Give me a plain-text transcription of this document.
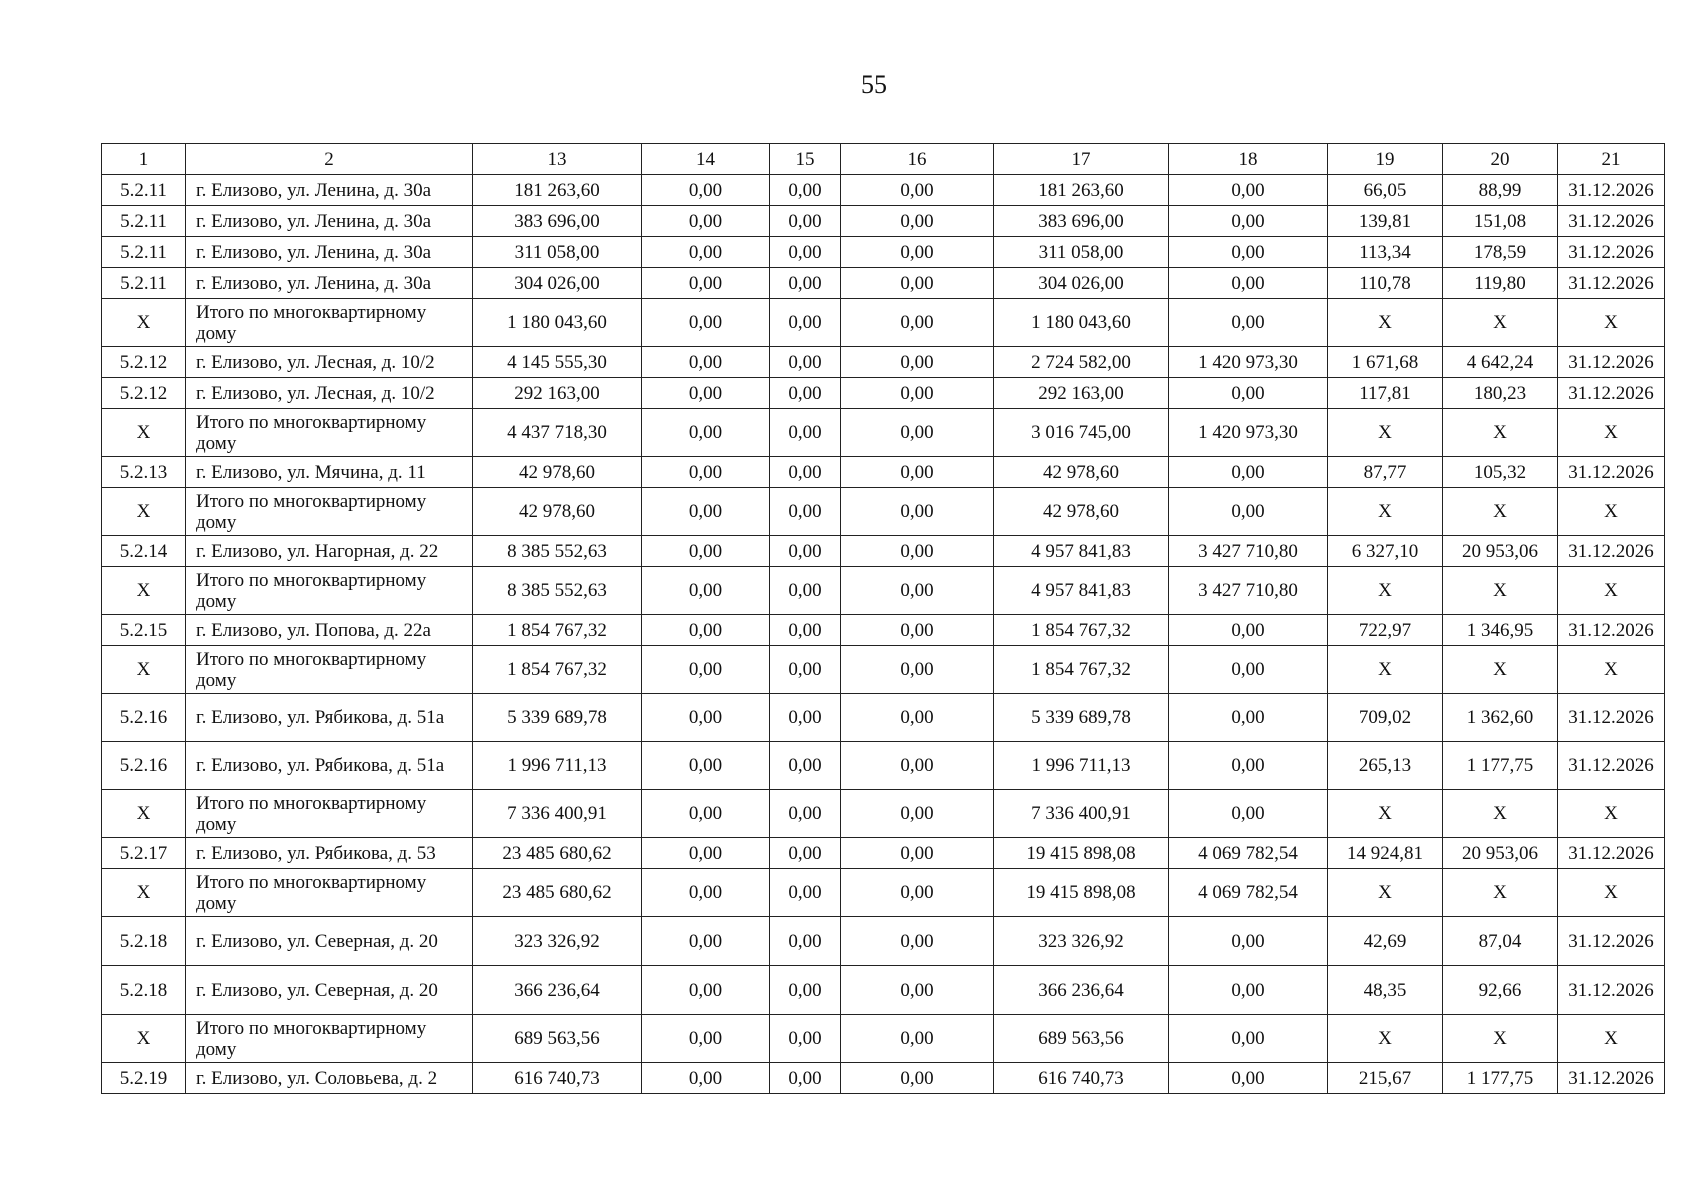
55
1	2	13	14	15	16	17	18	19	20	21
5.2.11	г. Елизово, ул. Ленина, д. 30а	181 263,60	0,00	0,00	0,00	181 263,60	0,00	66,05	88,99	31.12.2026
5.2.11	г. Елизово, ул. Ленина, д. 30а	383 696,00	0,00	0,00	0,00	383 696,00	0,00	139,81	151,08	31.12.2026
5.2.11	г. Елизово, ул. Ленина, д. 30а	311 058,00	0,00	0,00	0,00	311 058,00	0,00	113,34	178,59	31.12.2026
5.2.11	г. Елизово, ул. Ленина, д. 30а	304 026,00	0,00	0,00	0,00	304 026,00	0,00	110,78	119,80	31.12.2026
Х	Итого по многоквартирному дому	1 180 043,60	0,00	0,00	0,00	1 180 043,60	0,00	Х	Х	Х
5.2.12	г. Елизово, ул. Лесная, д. 10/2	4 145 555,30	0,00	0,00	0,00	2 724 582,00	1 420 973,30	1 671,68	4 642,24	31.12.2026
5.2.12	г. Елизово, ул. Лесная, д. 10/2	292 163,00	0,00	0,00	0,00	292 163,00	0,00	117,81	180,23	31.12.2026
Х	Итого по многоквартирному дому	4 437 718,30	0,00	0,00	0,00	3 016 745,00	1 420 973,30	Х	Х	Х
5.2.13	г. Елизово, ул. Мячина, д. 11	42 978,60	0,00	0,00	0,00	42 978,60	0,00	87,77	105,32	31.12.2026
Х	Итого по многоквартирному дому	42 978,60	0,00	0,00	0,00	42 978,60	0,00	Х	Х	Х
5.2.14	г. Елизово, ул. Нагорная, д. 22	8 385 552,63	0,00	0,00	0,00	4 957 841,83	3 427 710,80	6 327,10	20 953,06	31.12.2026
Х	Итого по многоквартирному дому	8 385 552,63	0,00	0,00	0,00	4 957 841,83	3 427 710,80	Х	Х	Х
5.2.15	г. Елизово, ул. Попова, д. 22а	1 854 767,32	0,00	0,00	0,00	1 854 767,32	0,00	722,97	1 346,95	31.12.2026
Х	Итого по многоквартирному дому	1 854 767,32	0,00	0,00	0,00	1 854 767,32	0,00	Х	Х	Х
5.2.16	г. Елизово, ул. Рябикова, д. 51а	5 339 689,78	0,00	0,00	0,00	5 339 689,78	0,00	709,02	1 362,60	31.12.2026
5.2.16	г. Елизово, ул. Рябикова, д. 51а	1 996 711,13	0,00	0,00	0,00	1 996 711,13	0,00	265,13	1 177,75	31.12.2026
Х	Итого по многоквартирному дому	7 336 400,91	0,00	0,00	0,00	7 336 400,91	0,00	Х	Х	Х
5.2.17	г. Елизово, ул. Рябикова, д. 53	23 485 680,62	0,00	0,00	0,00	19 415 898,08	4 069 782,54	14 924,81	20 953,06	31.12.2026
Х	Итого по многоквартирному дому	23 485 680,62	0,00	0,00	0,00	19 415 898,08	4 069 782,54	Х	Х	Х
5.2.18	г. Елизово, ул. Северная, д. 20	323 326,92	0,00	0,00	0,00	323 326,92	0,00	42,69	87,04	31.12.2026
5.2.18	г. Елизово, ул. Северная, д. 20	366 236,64	0,00	0,00	0,00	366 236,64	0,00	48,35	92,66	31.12.2026
Х	Итого по многоквартирному дому	689 563,56	0,00	0,00	0,00	689 563,56	0,00	Х	Х	Х
5.2.19	г. Елизово, ул. Соловьева, д. 2	616 740,73	0,00	0,00	0,00	616 740,73	0,00	215,67	1 177,75	31.12.2026
